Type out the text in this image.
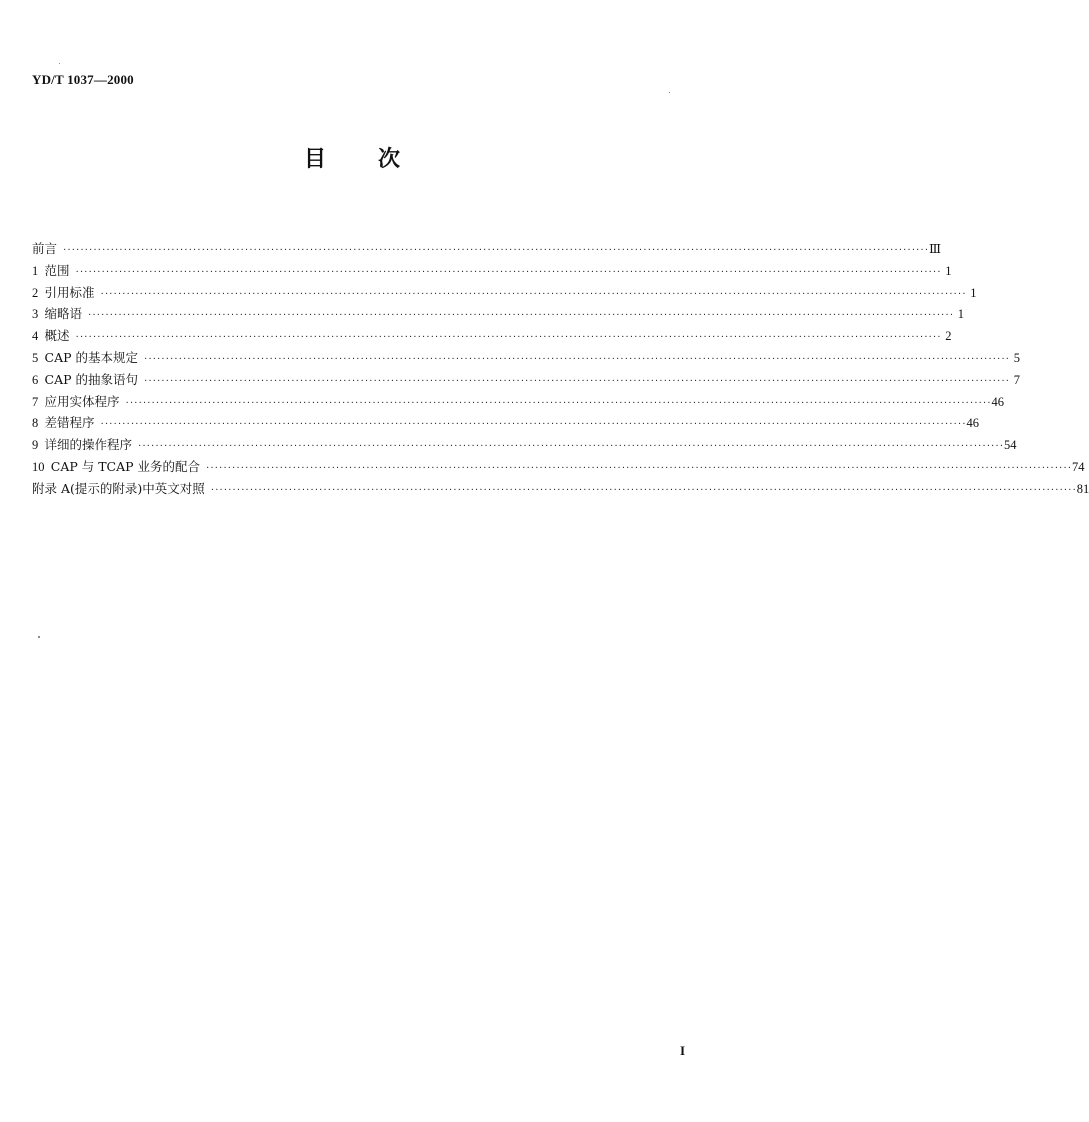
YD/T 1037—2000
目 次
前言 ········································································································································································································ Ⅲ
1 范围 ········································································································································································································ 1
2 引用标准 ········································································································································································································ 1
3 缩略语 ········································································································································································································ 1
4 概述 ········································································································································································································ 2
5 CAP 的基本规定 ········································································································································································································ 5
6 CAP 的抽象语句 ········································································································································································································ 7
7 应用实体程序 ········································································································································································································ 46
8 差错程序 ········································································································································································································ 46
9 详细的操作程序 ········································································································································································································ 54
10 CAP 与 TCAP 业务的配合 ········································································································································································································ 74
附录 A(提示的附录)中英文对照 ········································································································································································································ 81
I
